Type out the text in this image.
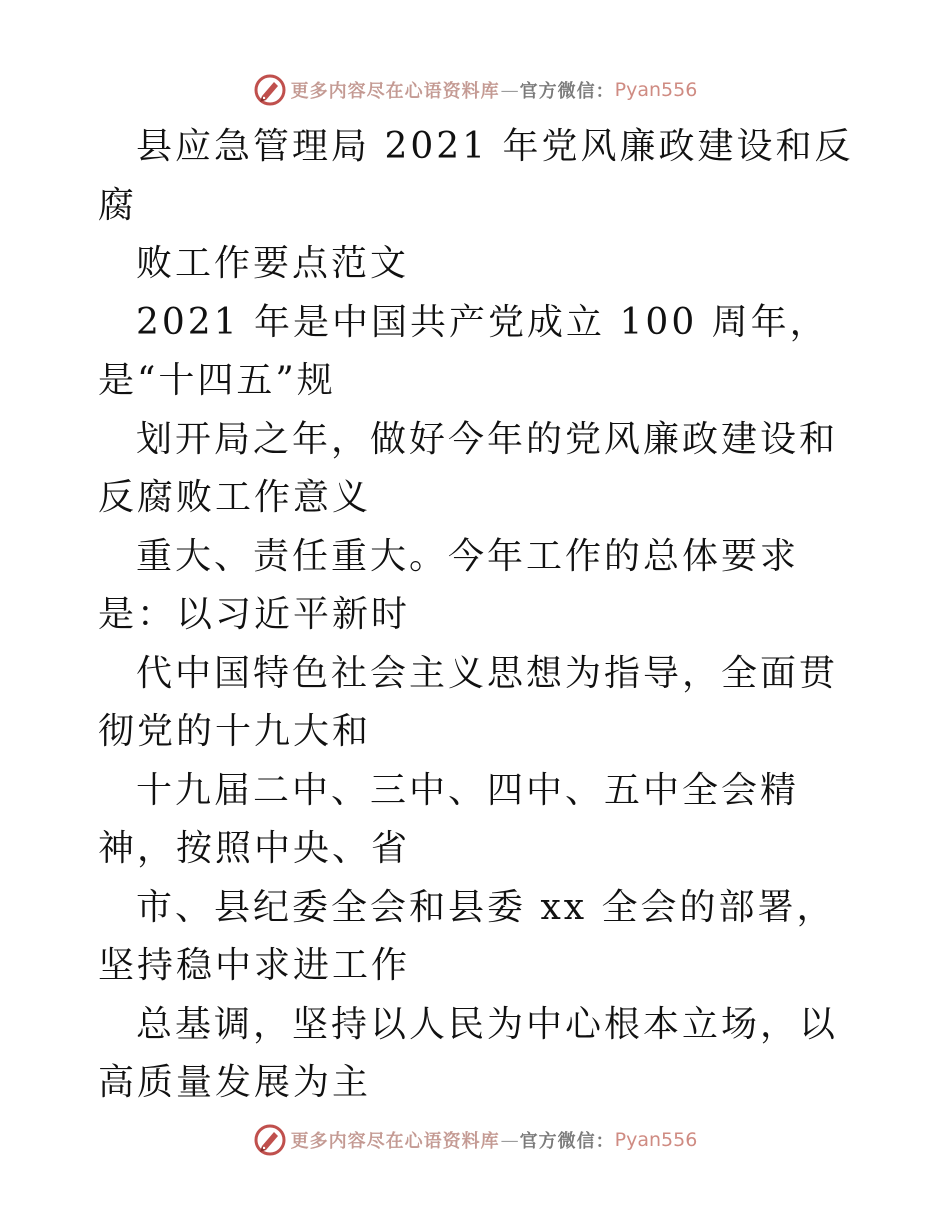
更多内容尽在心语资料库 — 官方微信： Pyan556

县应急管理局 2021 年党风廉政建设和反腐

败工作要点范文

2021 年是中国共产党成立 100 周年，是“十四五”规

划开局之年，做好今年的党风廉政建设和反腐败工作意义

重大、责任重大。今年工作的总体要求是：以习近平新时

代中国特色社会主义思想为指导，全面贯彻党的十九大和

十九届二中、三中、四中、五中全会精神，按照中央、省

市、县纪委全会和县委 xx 全会的部署，坚持稳中求进工作

总基调，坚持以人民为中心根本立场，以高质量发展为主

更多内容尽在心语资料库 — 官方微信： Pyan556
